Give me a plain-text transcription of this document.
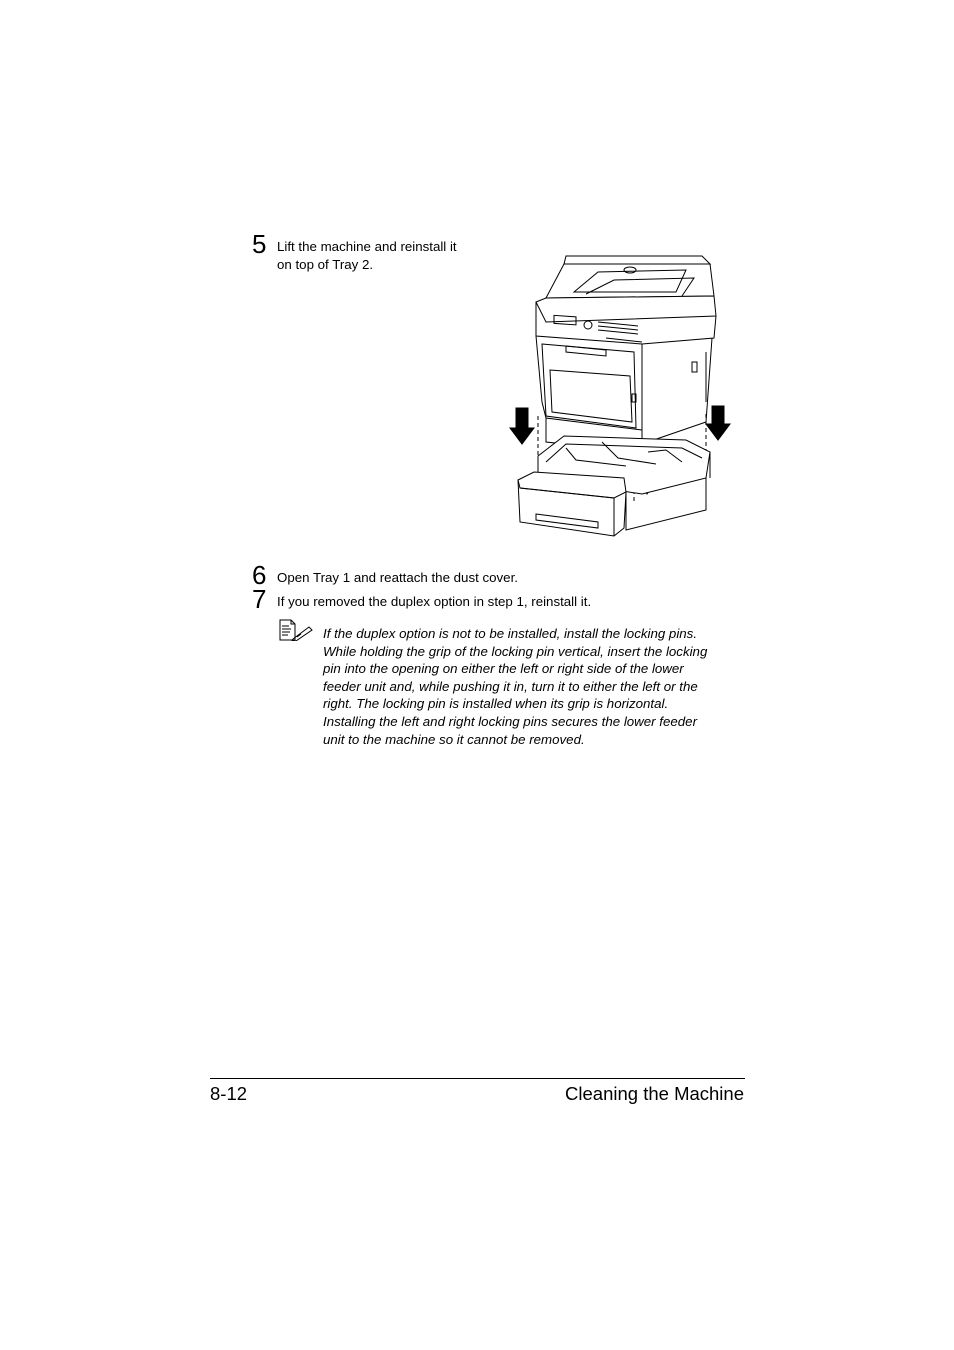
5 Lift the machine and reinstall it
on top of Tray 2.
6 Open Tray 1 and reattach the dust cover.
7 If you removed the duplex option in step 1, reinstall it.
If the duplex option is not to be installed, install the locking pins.
While holding the grip of the locking pin vertical, insert the locking
pin into the opening on either the left or right side of the lower
feeder unit and, while pushing it in, turn it to either the left or the
right. The locking pin is installed when its grip is horizontal.
Installing the left and right locking pins secures the lower feeder
unit to the machine so it cannot be removed.
8-12	Cleaning the Machine
